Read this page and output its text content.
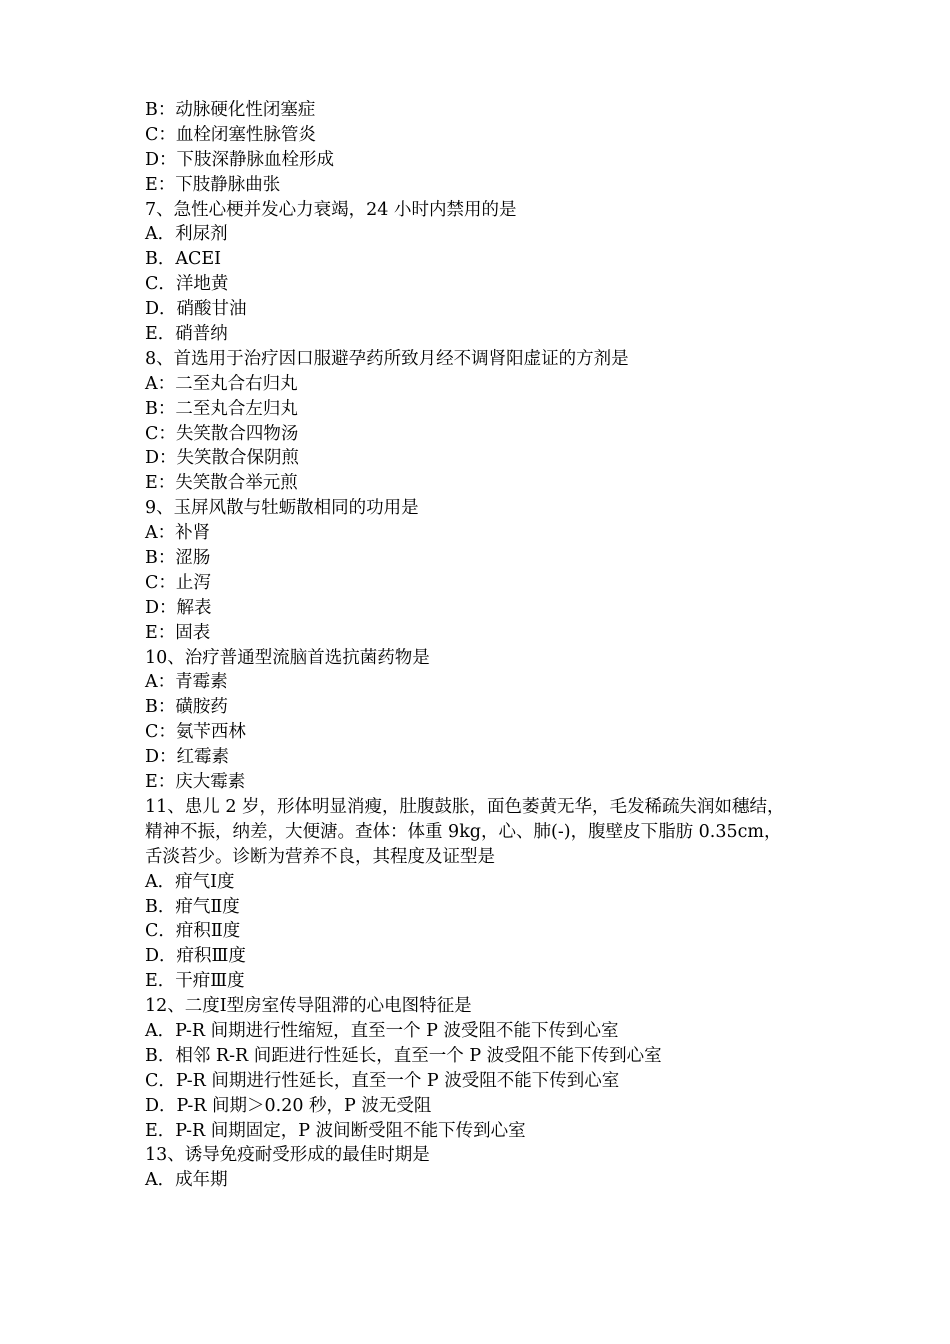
B：动脉硬化性闭塞症
C：血栓闭塞性脉管炎
D：下肢深静脉血栓形成
E：下肢静脉曲张
7、急性心梗并发心力衰竭，24 小时内禁用的是
A．利尿剂
B．ACEI
C．洋地黄
D．硝酸甘油
E．硝普纳
8、首选用于治疗因口服避孕药所致月经不调肾阳虚证的方剂是
A：二至丸合右归丸
B：二至丸合左归丸
C：失笑散合四物汤
D：失笑散合保阴煎
E：失笑散合举元煎
9、玉屏风散与牡蛎散相同的功用是
A：补肾
B：涩肠
C：止泻
D：解表
E：固表
10、治疗普通型流脑首选抗菌药物是
A：青霉素
B：磺胺药
C：氨苄西林
D：红霉素
E：庆大霉素
11、患儿 2 岁，形体明显消瘦，肚腹鼓胀，面色萎黄无华，毛发稀疏失润如穗结，
精神不振，纳差，大便溏。查体：体重 9kg，心、肺(-)，腹壁皮下脂肪 0.35cm，
舌淡苔少。诊断为营养不良，其程度及证型是
A．疳气Ⅰ度
B．疳气Ⅱ度
C．疳积Ⅱ度
D．疳积Ⅲ度
E．干疳Ⅲ度
12、二度Ⅰ型房室传导阻滞的心电图特征是
A．P-R 间期进行性缩短，直至一个 P 波受阻不能下传到心室
B．相邻 R-R 间距进行性延长，直至一个 P 波受阻不能下传到心室
C．P-R 间期进行性延长，直至一个 P 波受阻不能下传到心室
D．P-R 间期＞0.20 秒，P 波无受阻
E．P-R 间期固定，P 波间断受阻不能下传到心室
13、诱导免疫耐受形成的最佳时期是
A．成年期
